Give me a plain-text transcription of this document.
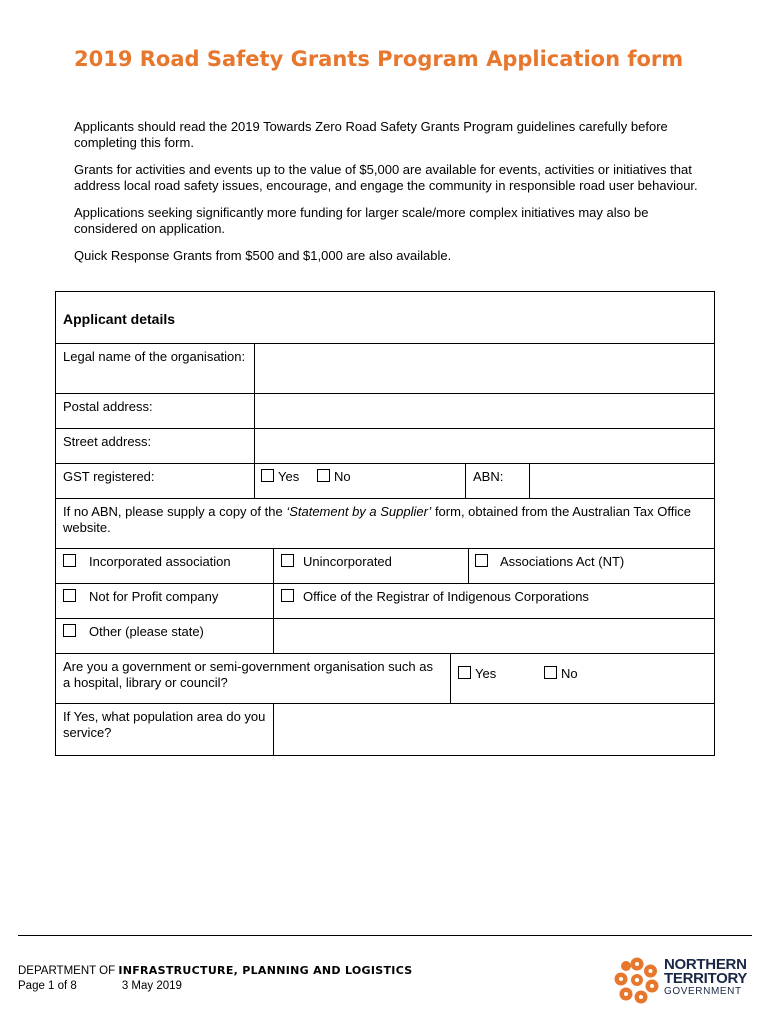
2019 Road Safety Grants Program Application form

Applicants should read the 2019 Towards Zero Road Safety Grants Program guidelines carefully before completing this form.

Grants for activities and events up to the value of $5,000 are available for events, activities or initiatives that address local road safety issues, encourage, and engage the community in responsible road user behaviour.

Applications seeking significantly more funding for larger scale/more complex initiatives may also be considered on application.

Quick Response Grants from $500 and $1,000 are also available.

Applicant details
Legal name of the organisation:
Postal address:
Street address:
GST registered:	Yes	No	ABN:
If no ABN, please supply a copy of the ‘Statement by a Supplier’ form, obtained from the Australian Tax Office website.
Incorporated association	Unincorporated	Associations Act (NT)
Not for Profit company	Office of the Registrar of Indigenous Corporations
Other (please state)
Are you a government or semi-government organisation such as a hospital, library or council?
Yes	No
If Yes, what population area do you service?
DEPARTMENT OF INFRASTRUCTURE, PLANNING AND LOGISTICS
Page 1 of 8	3 May 2019
NORTHERN
TERRITORY
GOVERNMENT
